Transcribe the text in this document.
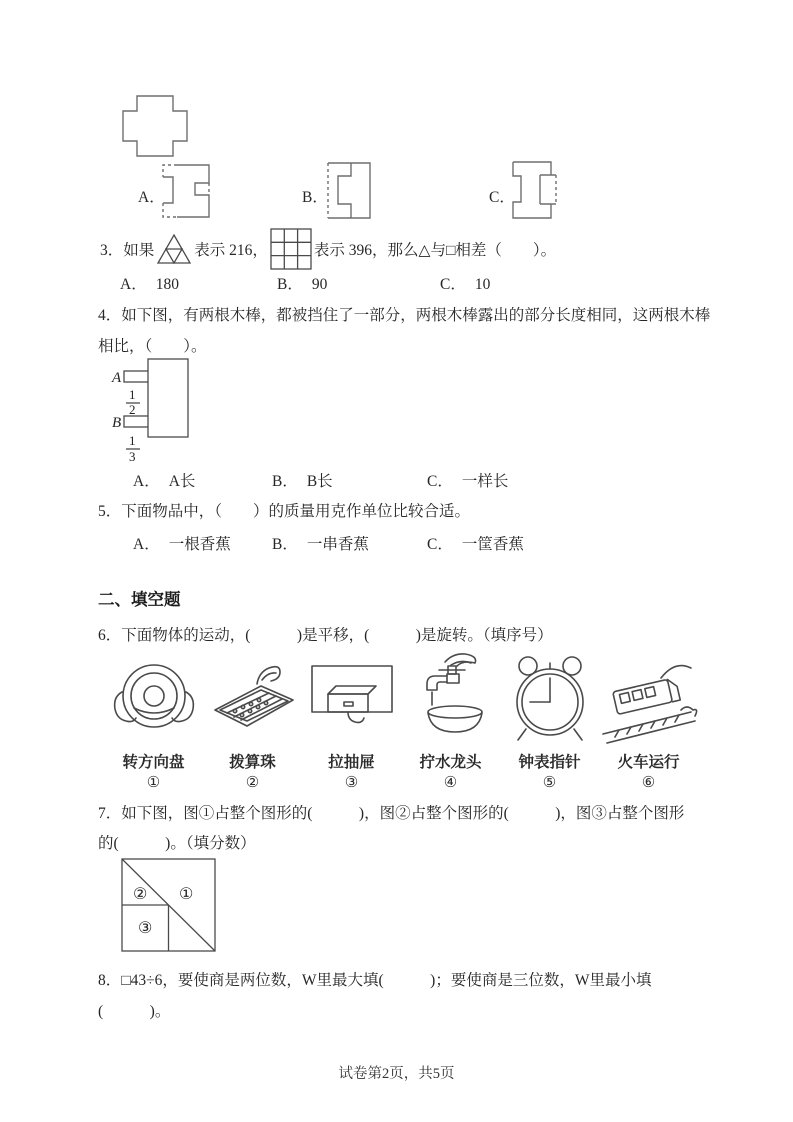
A．	B．	C．
3．如果	表示 216，	表示 396，那么△与□相差（　　）。
A． 180	B． 90	C． 10
4．如下图，有两根木棒，都被挡住了一部分，两根木棒露出的部分长度相同，这两根木棒
相比，（　　）。
A
1
2
B
1
3
A． A长	B． B长	C． 一样长
5．下面物品中，（　　）的质量用克作单位比较合适。
A． 一根香蕉	B． 一串香蕉	C． 一筐香蕉
二、填空题
6．下面物体的运动，(　　　)是平移，(　　　)是旋转。（填序号）
转方向盘
①
拨算珠
②
拉抽屉
③
拧水龙头
④
钟表指针
⑤
火车运行
⑥
7．如下图，图①占整个图形的(　　　)，图②占整个图形的(　　　)，图③占整个图形
的(　　　)。（填分数）
② ①
③
8．□43÷6，要使商是两位数，W里最大填(　　　)；要使商是三位数，W里最小填
(　　　)。
试卷第2页，共5页
